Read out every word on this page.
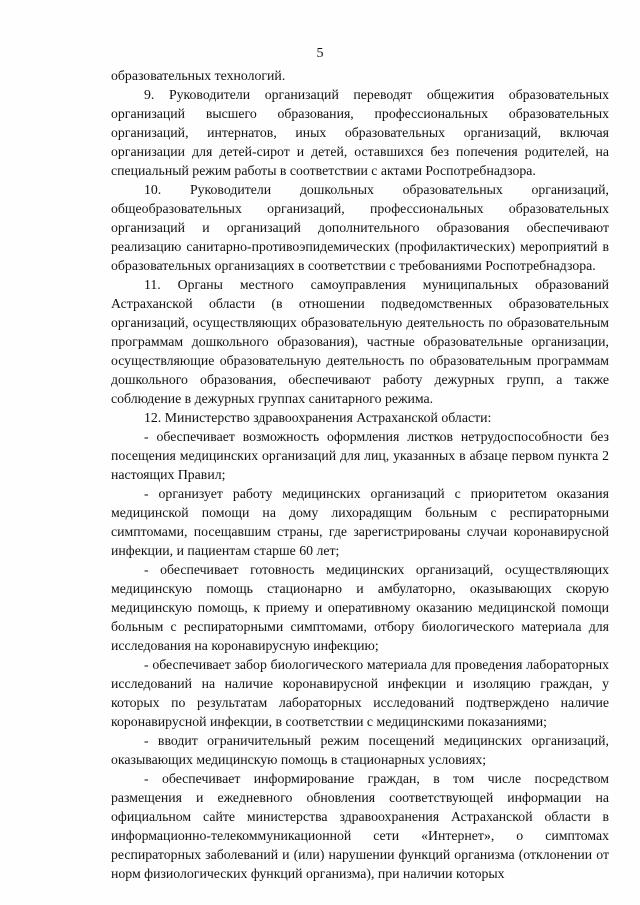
5

образовательных технологий.

9. Руководители организаций переводят общежития образовательных организаций высшего образования, профессиональных образовательных организаций, интернатов, иных образовательных организаций, включая организации для детей-сирот и детей, оставшихся без попечения родителей, на специальный режим работы в соответствии с актами Роспотребнадзора.

10. Руководители дошкольных образовательных организаций, общеобразовательных организаций, профессиональных образовательных организаций и организаций дополнительного образования обеспечивают реализацию санитарно-противоэпидемических (профилактических) мероприятий в образовательных организациях в соответствии с требованиями Роспотребнадзора.

11. Органы местного самоуправления муниципальных образований Астраханской области (в отношении подведомственных образовательных организаций, осуществляющих образовательную деятельность по образовательным программам дошкольного образования), частные образовательные организации, осуществляющие образовательную деятельность по образовательным программам дошкольного образования, обеспечивают работу дежурных групп, а также соблюдение в дежурных группах санитарного режима.

12. Министерство здравоохранения Астраханской области:

- обеспечивает возможность оформления листков нетрудоспособности без посещения медицинских организаций для лиц, указанных в абзаце первом пункта 2 настоящих Правил;

- организует работу медицинских организаций с приоритетом оказания медицинской помощи на дому лихорадящим больным с респираторными симптомами, посещавшим страны, где зарегистрированы случаи коронавирусной инфекции, и пациентам старше 60 лет;

- обеспечивает готовность медицинских организаций, осуществляющих медицинскую помощь стационарно и амбулаторно, оказывающих скорую медицинскую помощь, к приему и оперативному оказанию медицинской помощи больным с респираторными симптомами, отбору биологического материала для исследования на коронавирусную инфекцию;

- обеспечивает забор биологического материала для проведения лабораторных исследований на наличие коронавирусной инфекции и изоляцию граждан, у которых по результатам лабораторных исследований подтверждено наличие коронавирусной инфекции, в соответствии с медицинскими показаниями;

- вводит ограничительный режим посещений медицинских организаций, оказывающих медицинскую помощь в стационарных условиях;

- обеспечивает информирование граждан, в том числе посредством размещения и ежедневного обновления соответствующей информации на официальном сайте министерства здравоохранения Астраханской области в информационно-телекоммуникационной сети «Интернет», о симптомах респираторных заболеваний и (или) нарушении функций организма (отклонении от норм физиологических функций организма), при наличии которых
